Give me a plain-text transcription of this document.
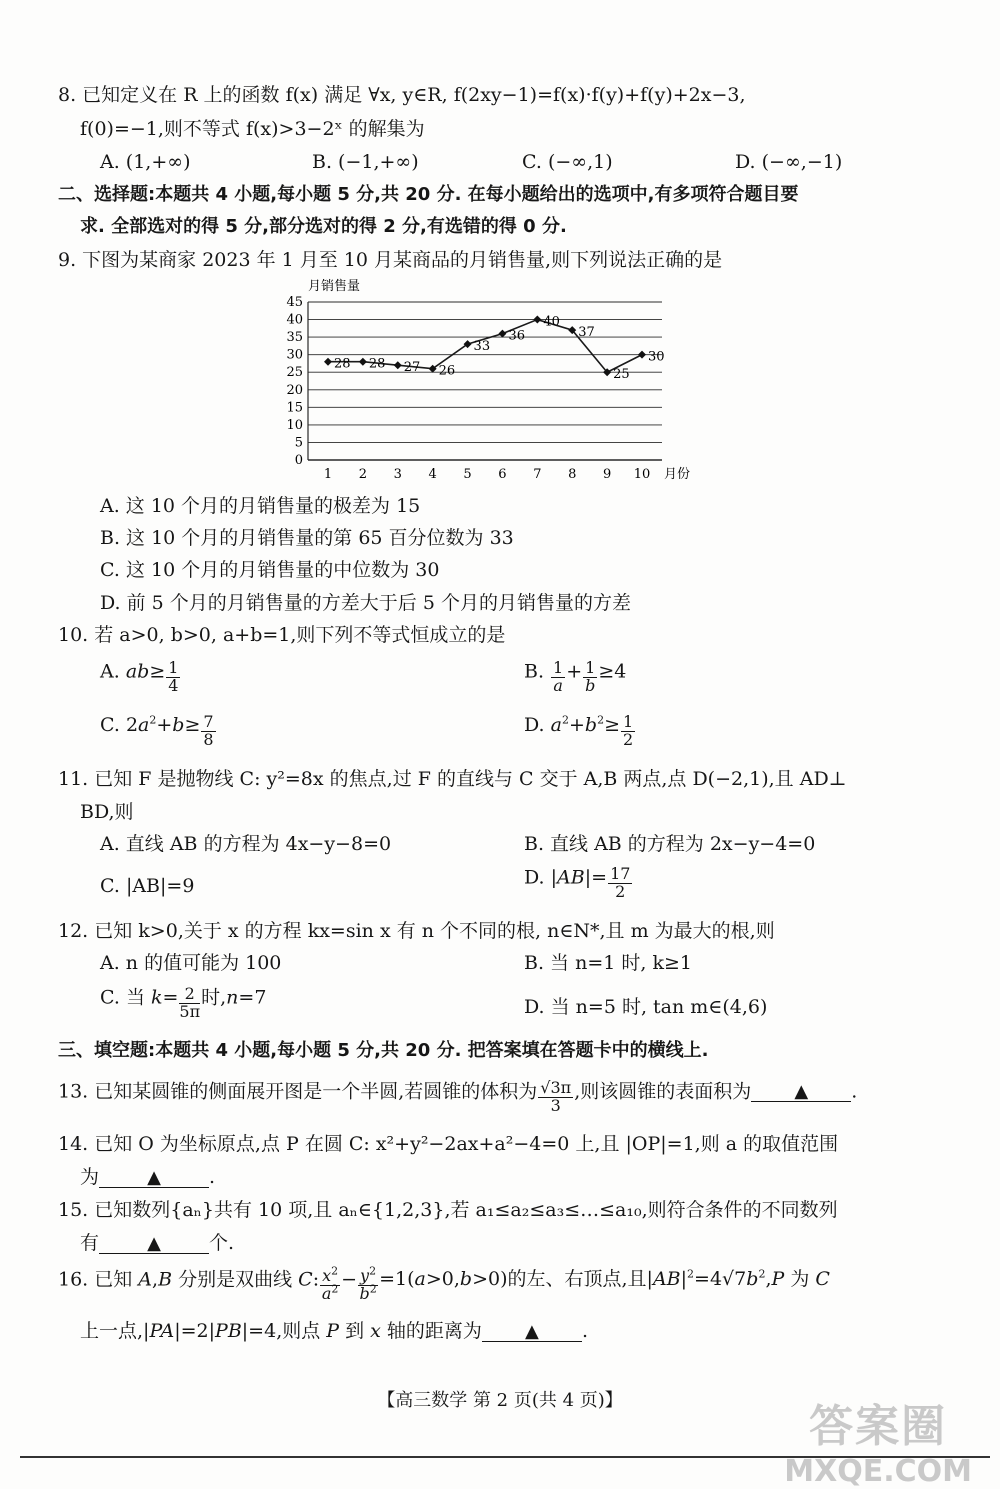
8. 已知定义在 R 上的函数 f(x) 满足 ∀x, y∈R, f(2xy−1)=f(x)·f(y)+f(y)+2x−3,
f(0)=−1,则不等式 f(x)>3−2ˣ 的解集为
A. (1,+∞)	B. (−1,+∞)	C. (−∞,1)	D. (−∞,−1)
二、选择题:本题共 4 小题,每小题 5 分,共 20 分. 在每小题给出的选项中,有多项符合题目要
求. 全部选对的得 5 分,部分选对的得 2 分,有选错的得 0 分.
9. 下图为某商家 2023 年 1 月至 10 月某商品的月销售量,则下列说法正确的是
月销售量
0
5
10
15
20
25
30
35
40
45
1 2 3 4 5 6 7 8 9 10
28 28 27 26
33
36
40
37
25
30
月份
A. 这 10 个月的月销售量的极差为 15
B. 这 10 个月的月销售量的第 65 百分位数为 33
C. 这 10 个月的月销售量的中位数为 30
D. 前 5 个月的月销售量的方差大于后 5 个月的月销售量的方差
10. 若 a>0, b>0, a+b=1,则下列不等式恒成立的是
A. $ab\ge \frac{1}{4}$	B. $\frac{1}{a} + \frac{1}{b} \ge 4$
C. $2a^2+b\ge \frac{7}{8}$	D. $a^2+b^2\ge \frac{1}{2}$
11. 已知 F 是抛物线 C: y²=8x 的焦点,过 F 的直线与 C 交于 A,B 两点,点 D(−2,1),且 AD⊥
BD,则
A. 直线 AB 的方程为 4x−y−8=0	B. 直线 AB 的方程为 2x−y−4=0
C. |AB|=9	D. $|AB|= \frac{17}{2}$
12. 已知 k>0,关于 x 的方程 kx=sin x 有 n 个不同的根, n∈N*,且 m 为最大的根,则
A. n 的值可能为 100	B. 当 n=1 时, k≥1
C. 当 $k= \frac{2}{5\pi}$ 时,n=7	D. 当 n=5 时, tan m∈(4,6)
三、填空题:本题共 4 小题,每小题 5 分,共 20 分. 把答案填在答题卡中的横线上.
13. 已知某圆锥的侧面展开图是一个半圆,若圆锥的体积为 $\frac{√3\pi}{3}$ ,则该圆锥的表面积为 ▲ .
14. 已知 O 为坐标原点,点 P 在圆 C: x²+y²−2ax+a²−4=0 上,且 |OP|=1,则 a 的取值范围
为	▲	.
15. 已知数列{aₙ}共有 10 项,且 aₙ∈{1,2,3},若 a₁≤a₂≤a₃≤…≤a₁₀,则符合条件的不同数列
有	▲	个.
16. 已知 A,B 分别是双曲线 C: $\frac{x^2}{a^2} - \frac{y^2}{b^2} =1(a>0,b>0)$的左、右顶点,且$|AB|^2=4√7b^2,P$ 为 C
上一点,|PA|=2|PB|=4,则点 P 到 x 轴的距离为 ▲ .
【高三数学 第 2 页(共 4 页)】
答案圈
MXQE.COM
